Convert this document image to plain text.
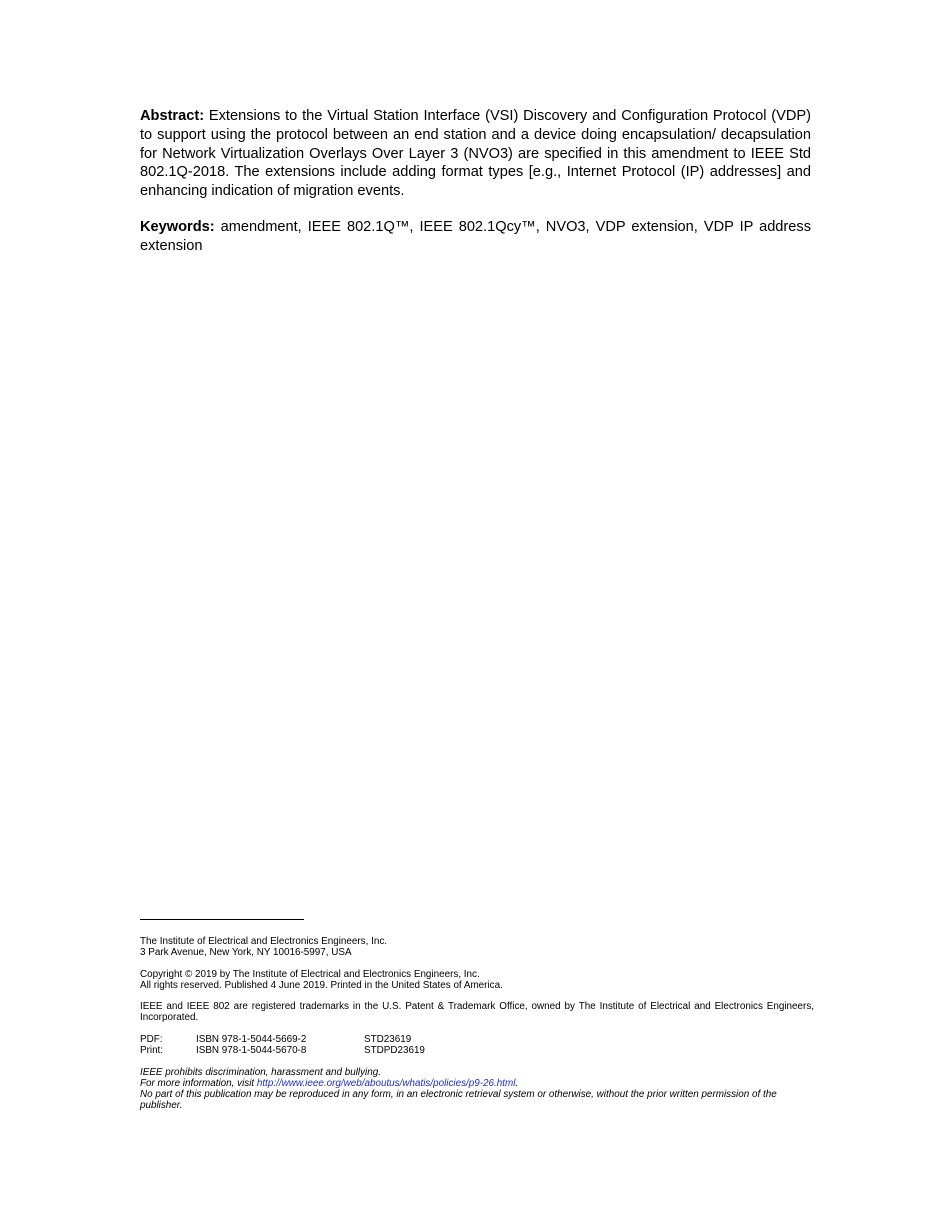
Abstract: Extensions to the Virtual Station Interface (VSI) Discovery and Configuration Protocol (VDP) to support using the protocol between an end station and a device doing encapsulation/ decapsulation for Network Virtualization Overlays Over Layer 3 (NVO3) are specified in this amendment to IEEE Std 802.1Q-2018. The extensions include adding format types [e.g., Internet Protocol (IP) addresses] and enhancing indication of migration events.

Keywords: amendment, IEEE 802.1Q™, IEEE 802.1Qcy™, NVO3, VDP extension, VDP IP address extension

The Institute of Electrical and Electronics Engineers, Inc.
3 Park Avenue, New York, NY 10016-5997, USA
Copyright © 2019 by The Institute of Electrical and Electronics Engineers, Inc.
All rights reserved. Published 4 June 2019. Printed in the United States of America.
IEEE and IEEE 802 are registered trademarks in the U.S. Patent & Trademark Office, owned by The Institute of Electrical and Electronics Engineers, Incorporated.
PDF:	ISBN 978-1-5044-5669-2	STD23619
Print:	ISBN 978-1-5044-5670-8	STDPD23619
IEEE prohibits discrimination, harassment and bullying.
For more information, visit http://www.ieee.org/web/aboutus/whatis/policies/p9-26.html.
No part of this publication may be reproduced in any form, in an electronic retrieval system or otherwise, without the prior written permission of the publisher.
